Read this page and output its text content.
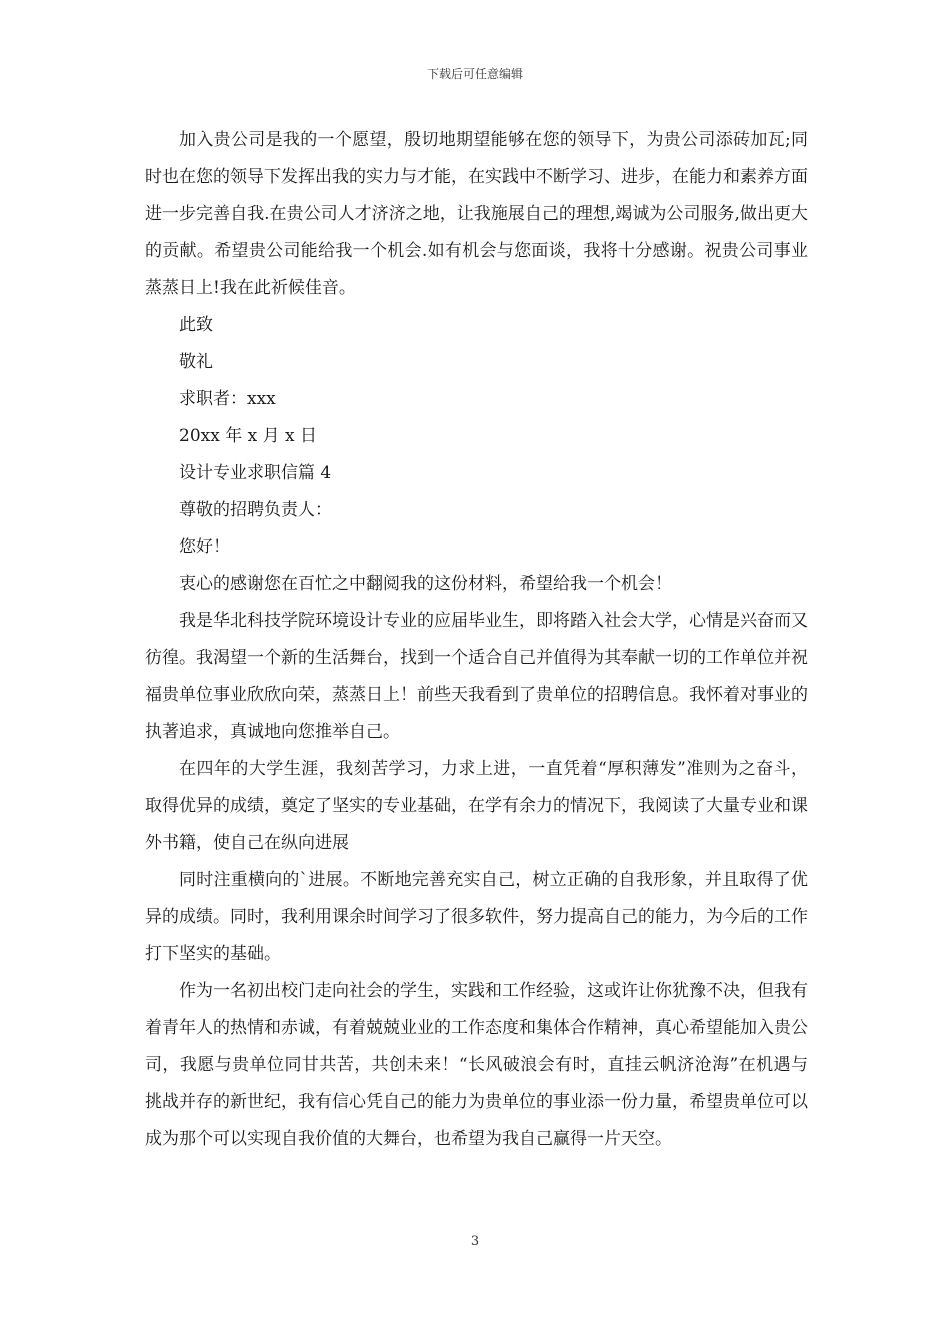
下载后可任意编辑

加入贵公司是我的一个愿望，殷切地期望能够在您的领导下，为贵公司添砖加瓦;同时也在您的领导下发挥出我的实力与才能，在实践中不断学习、进步，在能力和素养方面进一步完善自我.在贵公司人才济济之地，让我施展自己的理想,竭诚为公司服务,做出更大的贡献。希望贵公司能给我一个机会.如有机会与您面谈，我将十分感谢。祝贵公司事业蒸蒸日上!我在此祈候佳音。

此致

敬礼

求职者：xxx

20xx 年 x 月 x 日

设计专业求职信篇 4

尊敬的招聘负责人：

您好！

衷心的感谢您在百忙之中翻阅我的这份材料，希望给我一个机会！

我是华北科技学院环境设计专业的应届毕业生，即将踏入社会大学，心情是兴奋而又彷徨。我渴望一个新的生活舞台，找到一个适合自己并值得为其奉献一切的工作单位并祝福贵单位事业欣欣向荣，蒸蒸日上！前些天我看到了贵单位的招聘信息。我怀着对事业的执著追求，真诚地向您推举自己。

在四年的大学生涯，我刻苦学习，力求上进，一直凭着“厚积薄发”准则为之奋斗，取得优异的成绩，奠定了坚实的专业基础，在学有余力的情况下，我阅读了大量专业和课外书籍，使自己在纵向进展

同时注重横向的`进展。不断地完善充实自己，树立正确的自我形象，并且取得了优异的成绩。同时，我利用课余时间学习了很多软件，努力提高自己的能力，为今后的工作打下坚实的基础。

作为一名初出校门走向社会的学生，实践和工作经验，这或许让你犹豫不决，但我有着青年人的热情和赤诚，有着兢兢业业的工作态度和集体合作精神，真心希望能加入贵公司，我愿与贵单位同甘共苦，共创未来！“长风破浪会有时，直挂云帆济沧海”在机遇与挑战并存的新世纪，我有信心凭自己的能力为贵单位的事业添一份力量，希望贵单位可以成为那个可以实现自我价值的大舞台，也希望为我自己赢得一片天空。

3
